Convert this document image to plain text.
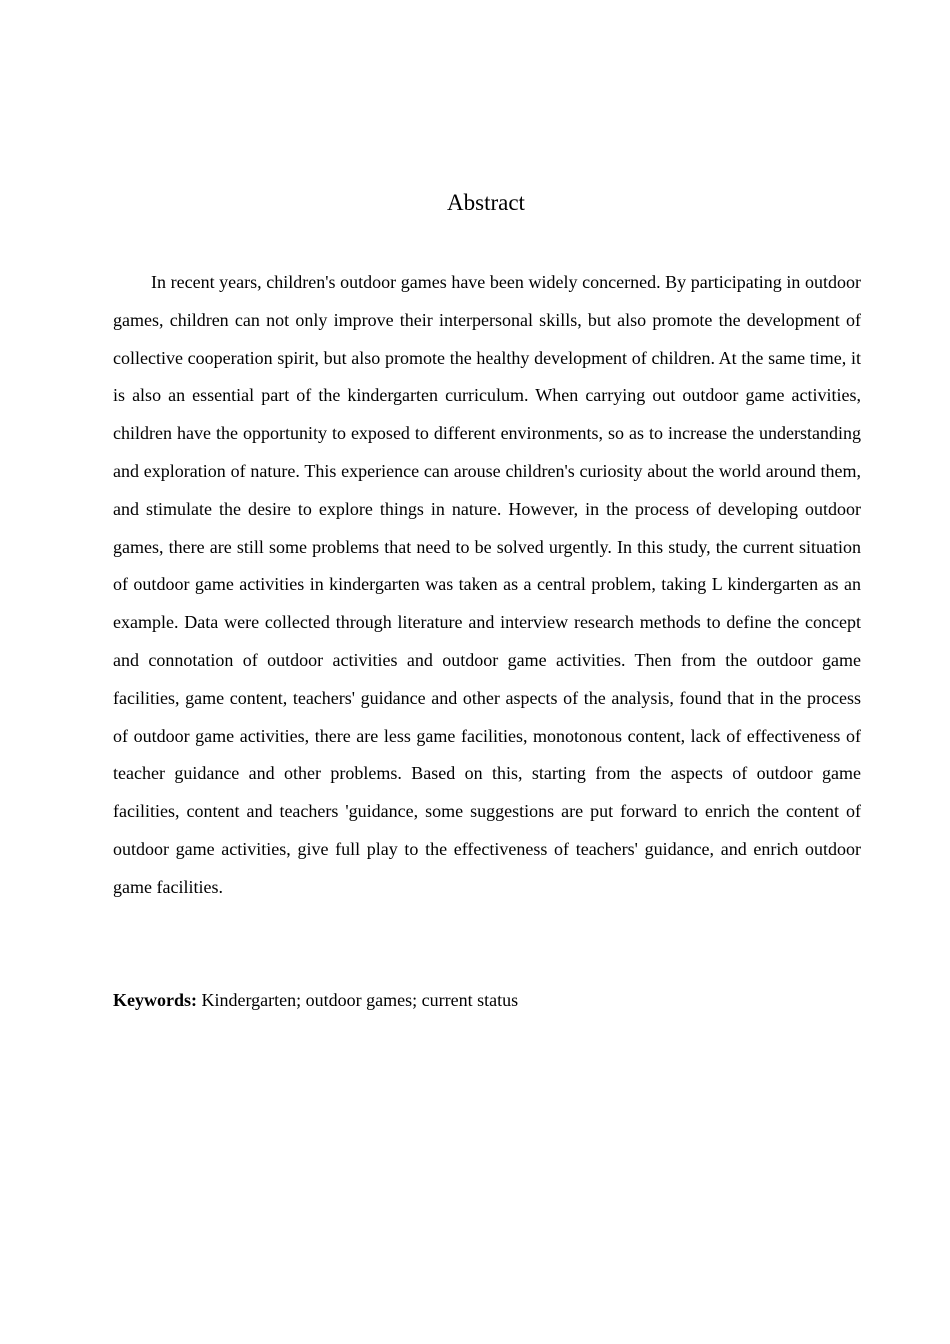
Abstract

In recent years, children's outdoor games have been widely concerned. By participating in outdoor games, children can not only improve their interpersonal skills, but also promote the development of collective cooperation spirit, but also promote the healthy development of children. At the same time, it is also an essential part of the kindergarten curriculum. When carrying out outdoor game activities, children have the opportunity to exposed to different environments, so as to increase the understanding and exploration of nature. This experience can arouse children's curiosity about the world around them, and stimulate the desire to explore things in nature. However, in the process of developing outdoor games, there are still some problems that need to be solved urgently. In this study, the current situation of outdoor game activities in kindergarten was taken as a central problem, taking L kindergarten as an example. Data were collected through literature and interview research methods to define the concept and connotation of outdoor activities and outdoor game activities. Then from the outdoor game facilities, game content, teachers' guidance and other aspects of the analysis, found that in the process of outdoor game activities, there are less game facilities, monotonous content, lack of effectiveness of teacher guidance and other problems. Based on this, starting from the aspects of outdoor game facilities, content and teachers 'guidance, some suggestions are put forward to enrich the content of outdoor game activities, give full play to the effectiveness of teachers' guidance, and enrich outdoor game facilities.

Keywords: Kindergarten; outdoor games; current status
